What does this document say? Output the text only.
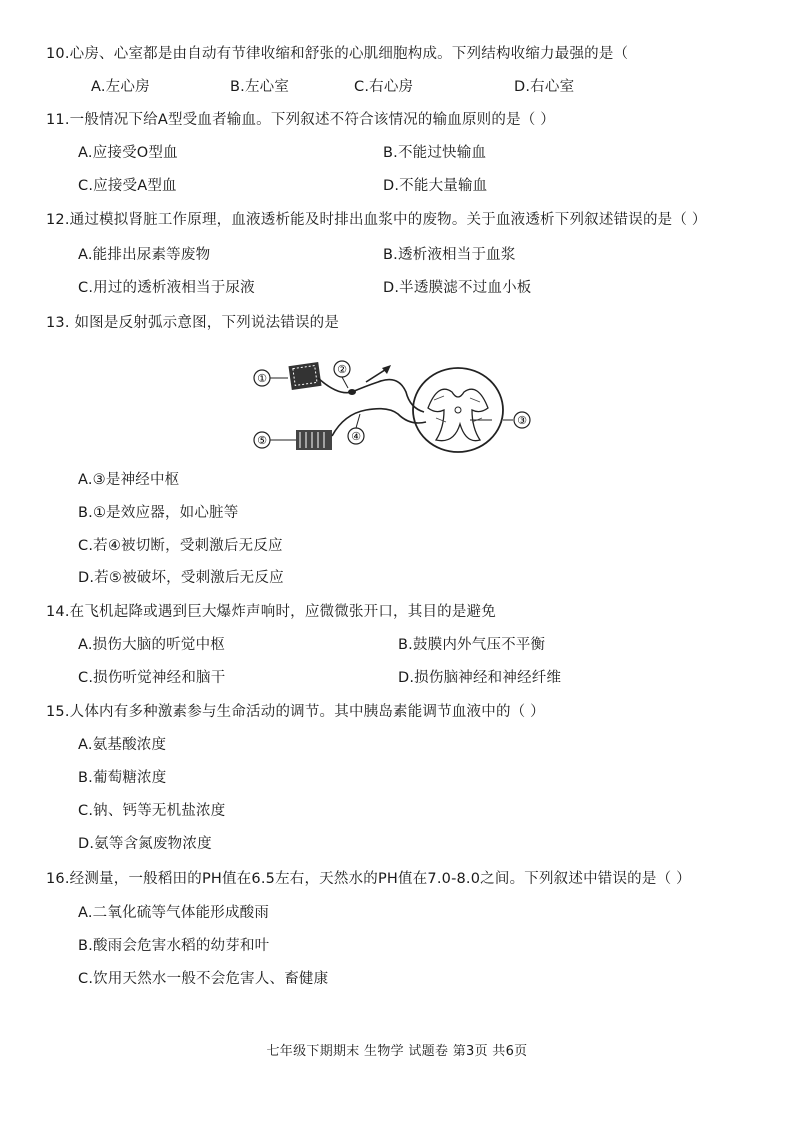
10.心房、心室都是由自动有节律收缩和舒张的心肌细胞构成。下列结构收缩力最强的是（
A.左心房	B.左心室	C.右心房	D.右心室
11.一般情况下给A型受血者输血。下列叙述不符合该情况的输血原则的是（ ）
A.应接受O型血	B.不能过快输血
C.应接受A型血	D.不能大量输血
12.通过模拟肾脏工作原理，血液透析能及时排出血浆中的废物。关于血液透析下列叙述错误的是（ ）
A.能排出尿素等废物	B.透析液相当于血浆
C.用过的透析液相当于尿液	D.半透膜滤不过血小板
13. 如图是反射弧示意图，下列说法错误的是
①
②
③
④
⑤
A.③是神经中枢
B.①是效应器，如心脏等
C.若④被切断，受刺激后无反应
D.若⑤被破坏，受刺激后无反应
14.在飞机起降或遇到巨大爆炸声响时，应微微张开口，其目的是避免
A.损伤大脑的听觉中枢	B.鼓膜内外气压不平衡
C.损伤听觉神经和脑干	D.损伤脑神经和神经纤维
15.人体内有多种激素参与生命活动的调节。其中胰岛素能调节血液中的（ ）
A.氨基酸浓度
B.葡萄糖浓度
C.钠、钙等无机盐浓度
D.氨等含氮废物浓度
16.经测量，一般稻田的PH值在6.5左右，天然水的PH值在7.0-8.0之间。下列叙述中错误的是（ ）
A.二氧化硫等气体能形成酸雨
B.酸雨会危害水稻的幼芽和叶
C.饮用天然水一般不会危害人、畜健康
七年级下期期末 生物学 试题卷 第3页 共6页
